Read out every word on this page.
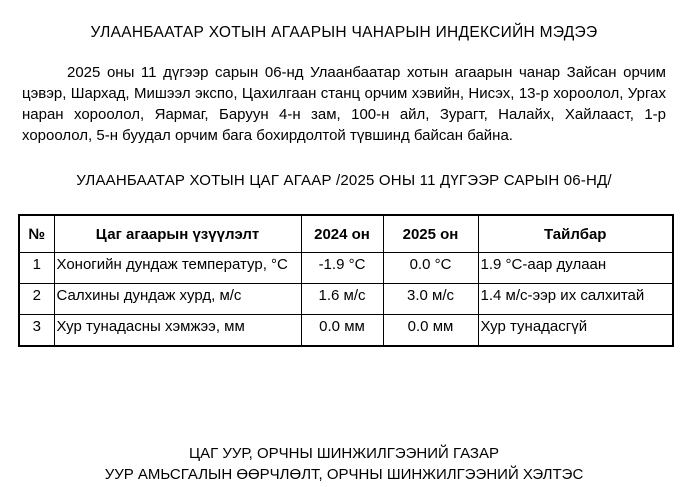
УЛААНБААТАР ХОТЫН АГААРЫН ЧАНАРЫН ИНДЕКСИЙН МЭДЭЭ

2025 оны 11 дүгээр сарын 06-нд Улаанбаатар хотын агаарын чанар Зайсан орчим цэвэр, Шархад, Мишээл экспо, Цахилгаан станц орчим хэвийн, Нисэх, 13-р хороолол, Ургах наран хороолол, Яармаг, Баруун 4-н зам, 100-н айл, Зурагт, Налайх, Хайлааст, 1-р хороолол, 5-н буудал орчим бага бохирдолтой түвшинд байсан байна.

УЛААНБААТАР ХОТЫН ЦАГ АГААР /2025 ОНЫ 11 ДҮГЭЭР САРЫН 06-НД/
№	Цаг агаарын үзүүлэлт	2024 он	2025 он	Тайлбар
1	Хоногийн дундаж температур, °С	-1.9 °С	0.0 °С	1.9 °С-аар дулаан
2	Салхины дундаж хурд, м/с	1.6 м/с	3.0 м/с	1.4 м/с-ээр их салхитай
3	Хур тунадасны хэмжээ, мм	0.0 мм	0.0 мм	Хур тунадасгүй
ЦАГ УУР, ОРЧНЫ ШИНЖИЛГЭЭНИЙ ГАЗАР
УУР АМЬСГАЛЫН ӨӨРЧЛӨЛТ, ОРЧНЫ ШИНЖИЛГЭЭНИЙ ХЭЛТЭС
